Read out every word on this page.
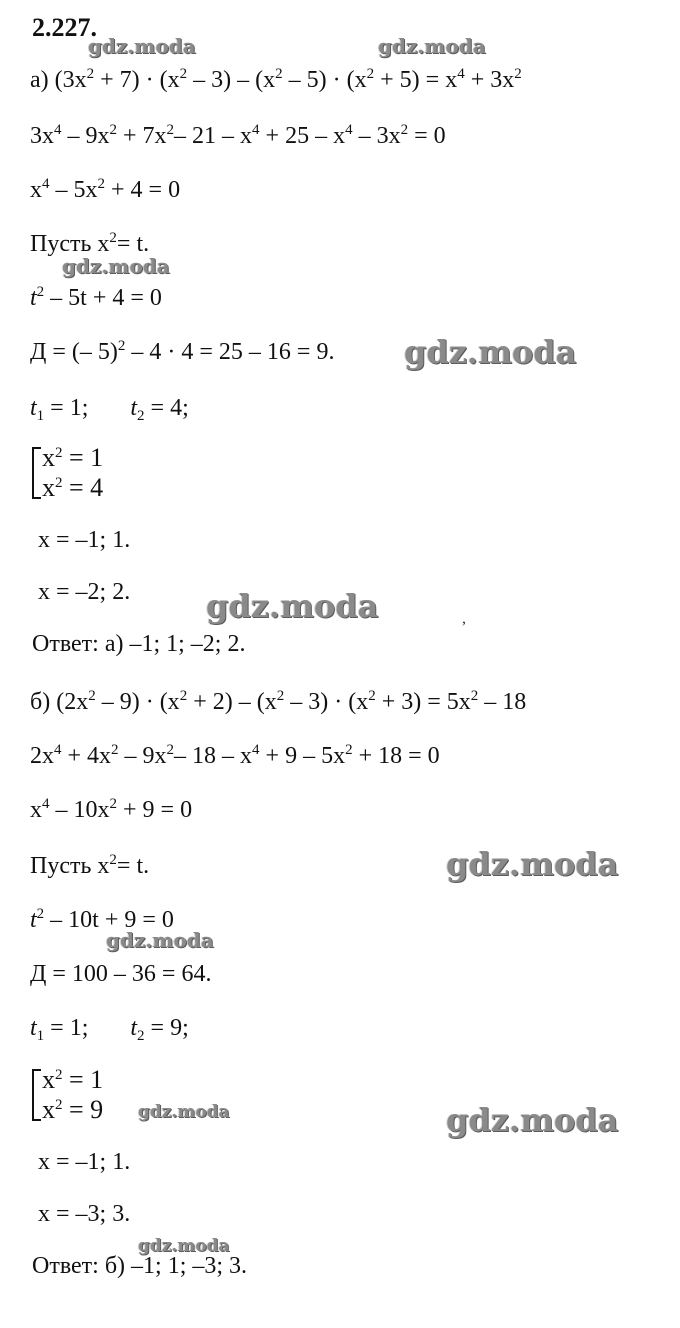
2.227.
gdz.moda	gdz.moda
gdz.moda
gdz.moda
gdz.moda
gdz.moda
gdz.moda
gdz.moda	gdz.moda
gdz.moda
,
а) $(3x^2 + 7) \cdot (x^2 - 3) - (x^2 - 5) \cdot (x^2 + 5) = x^4 + 3x^2$
$3x^4 - 9x^2 + 7x^2-$ $21 - x^4 + 25 - x^4 - 3x^2 = 0$
$x^4 - 5x^2 + 4 = 0$
Пусть $x^2= t$.
$t^2 - 5t + 4 = 0$
Д = (– 5)$^2$ – 4 · 4 = 25 – 16 = 9.
$t_1 = 1$; $t_2 = 4$;
$x^2 = 1$
$x^2 = 4$
x = –1; 1.
x = –2; 2.
Ответ: а) –1; 1; –2; 2.
б) $(2x^2 - 9) \cdot (x^2 + 2) - (x^2 - 3) \cdot (x^2 + 3) = 5x^2 - 18$
$2x^4 + 4x^2 - 9x^2-$ $18 - x^4 + 9 - 5x^2 + 18 = 0$
$x^4 - 10x^2 + 9 = 0$
Пусть $x^2= t$.
$t^2 - 10t + 9 = 0$
Д = 100 – 36 = 64.
$t_1 = 1$; $t_2 = 9$;
$x^2 = 1$
$x^2 = 9$
x = –1; 1.
x = –3; 3.
Ответ: б) –1; 1; –3; 3.
